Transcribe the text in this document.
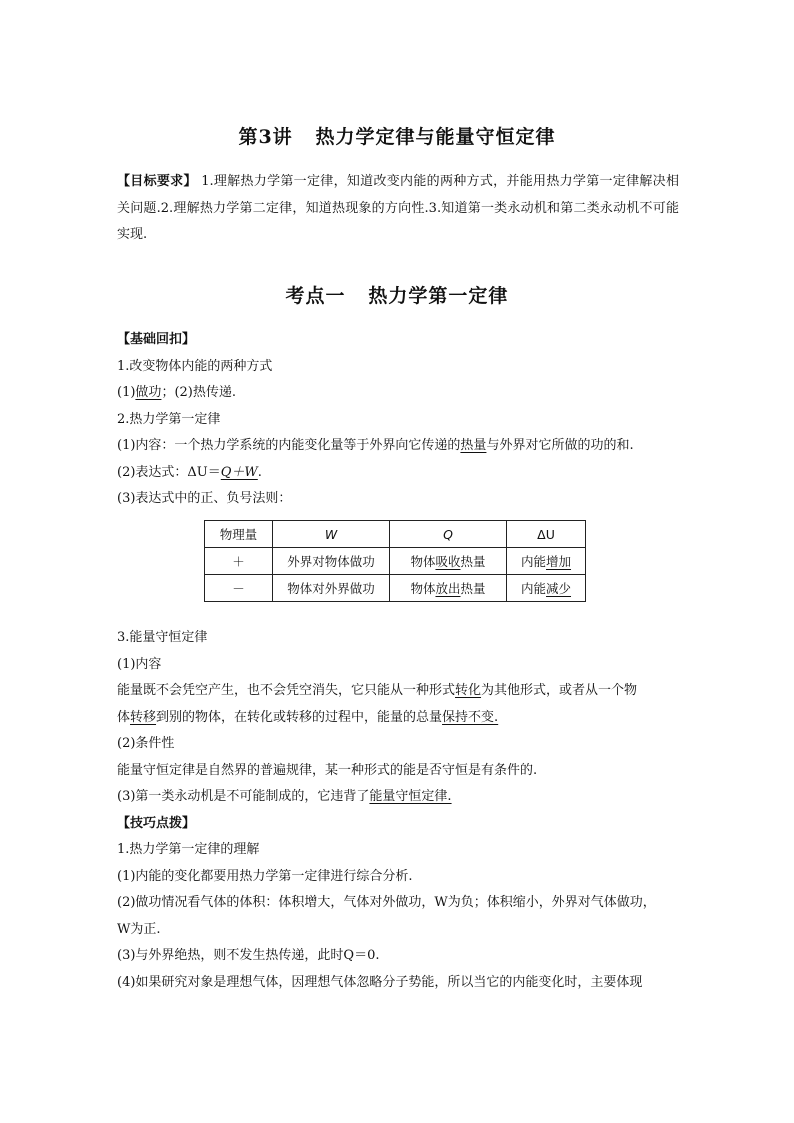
第3讲 热力学定律与能量守恒定律

【目标要求】 1.理解热力学第一定律，知道改变内能的两种方式，并能用热力学第一定律解决相关问题.2.理解热力学第二定律，知道热现象的方向性.3.知道第一类永动机和第二类永动机不可能实现.

考点一 热力学第一定律
【基础回扣】
1.改变物体内能的两种方式
(1)做功；(2)热传递.
2.热力学第一定律
(1)内容：一个热力学系统的内能变化量等于外界向它传递的热量与外界对它所做的功的和.
(2)表达式：ΔU＝Q＋W.
(3)表达式中的正、负号法则：
物理量	W	Q	ΔU
＋	外界对物体做功	物体吸收热量	内能增加
－	物体对外界做功	物体放出热量	内能减少
3.能量守恒定律
(1)内容
能量既不会凭空产生，也不会凭空消失，它只能从一种形式转化为其他形式，或者从一个物
体转移到别的物体，在转化或转移的过程中，能量的总量保持不变.
(2)条件性
能量守恒定律是自然界的普遍规律，某一种形式的能是否守恒是有条件的.
(3)第一类永动机是不可能制成的，它违背了能量守恒定律.
【技巧点拨】
1.热力学第一定律的理解
(1)内能的变化都要用热力学第一定律进行综合分析.
(2)做功情况看气体的体积：体积增大，气体对外做功，W为负；体积缩小，外界对气体做功，
W为正.
(3)与外界绝热，则不发生热传递，此时Q＝0.
(4)如果研究对象是理想气体，因理想气体忽略分子势能，所以当它的内能变化时，主要体现
